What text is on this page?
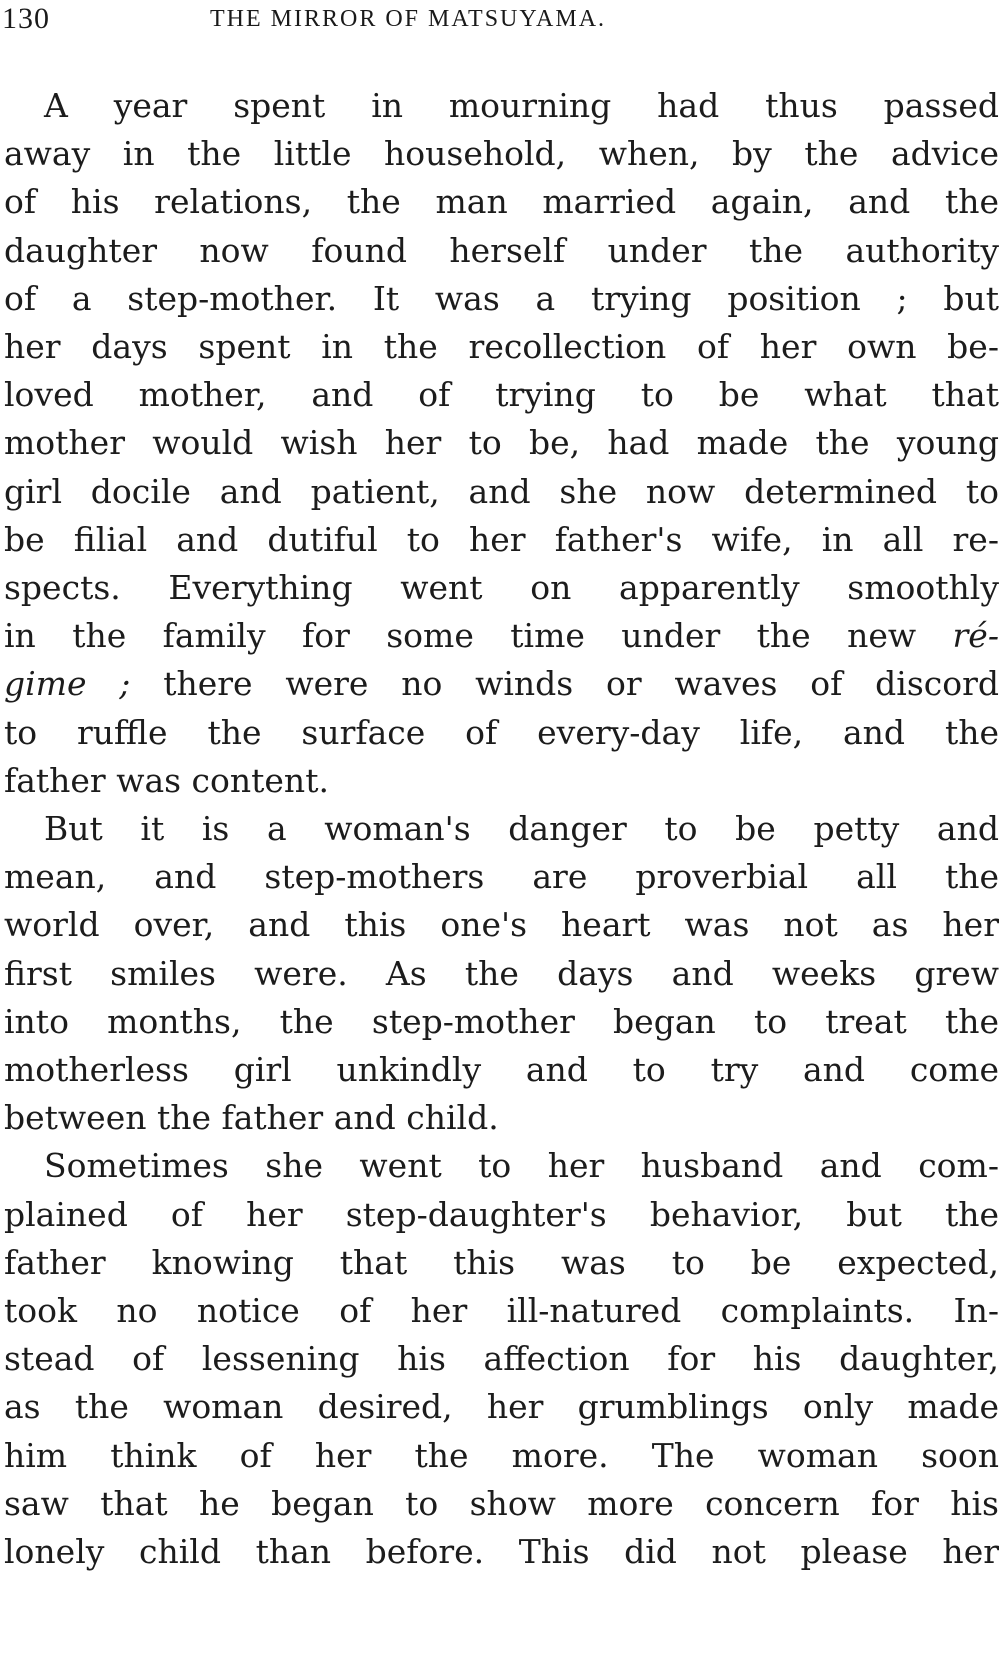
130	THE MIRROR OF MATSUYAMA.
A year spent in mourning had thus passed
away in the little household, when, by the advice
of his relations, the man married again, and the
daughter now found herself under the authority
of a step-mother. It was a trying position ; but
her days spent in the recollection of her own be-
loved mother, and of trying to be what that
mother would wish her to be, had made the young
girl docile and patient, and she now determined to
be filial and dutiful to her father's wife, in all re-
spects. Everything went on apparently smoothly
in the family for some time under the new ré-
gime ; there were no winds or waves of discord
to ruffle the surface of every-day life, and the
father was content.
But it is a woman's danger to be petty and
mean, and step-mothers are proverbial all the
world over, and this one's heart was not as her
first smiles were. As the days and weeks grew
into months, the step-mother began to treat the
motherless girl unkindly and to try and come
between the father and child.
Sometimes she went to her husband and com-
plained of her step-daughter's behavior, but the
father knowing that this was to be expected,
took no notice of her ill-natured complaints. In-
stead of lessening his affection for his daughter,
as the woman desired, her grumblings only made
him think of her the more. The woman soon
saw that he began to show more concern for his
lonely child than before. This did not please her
